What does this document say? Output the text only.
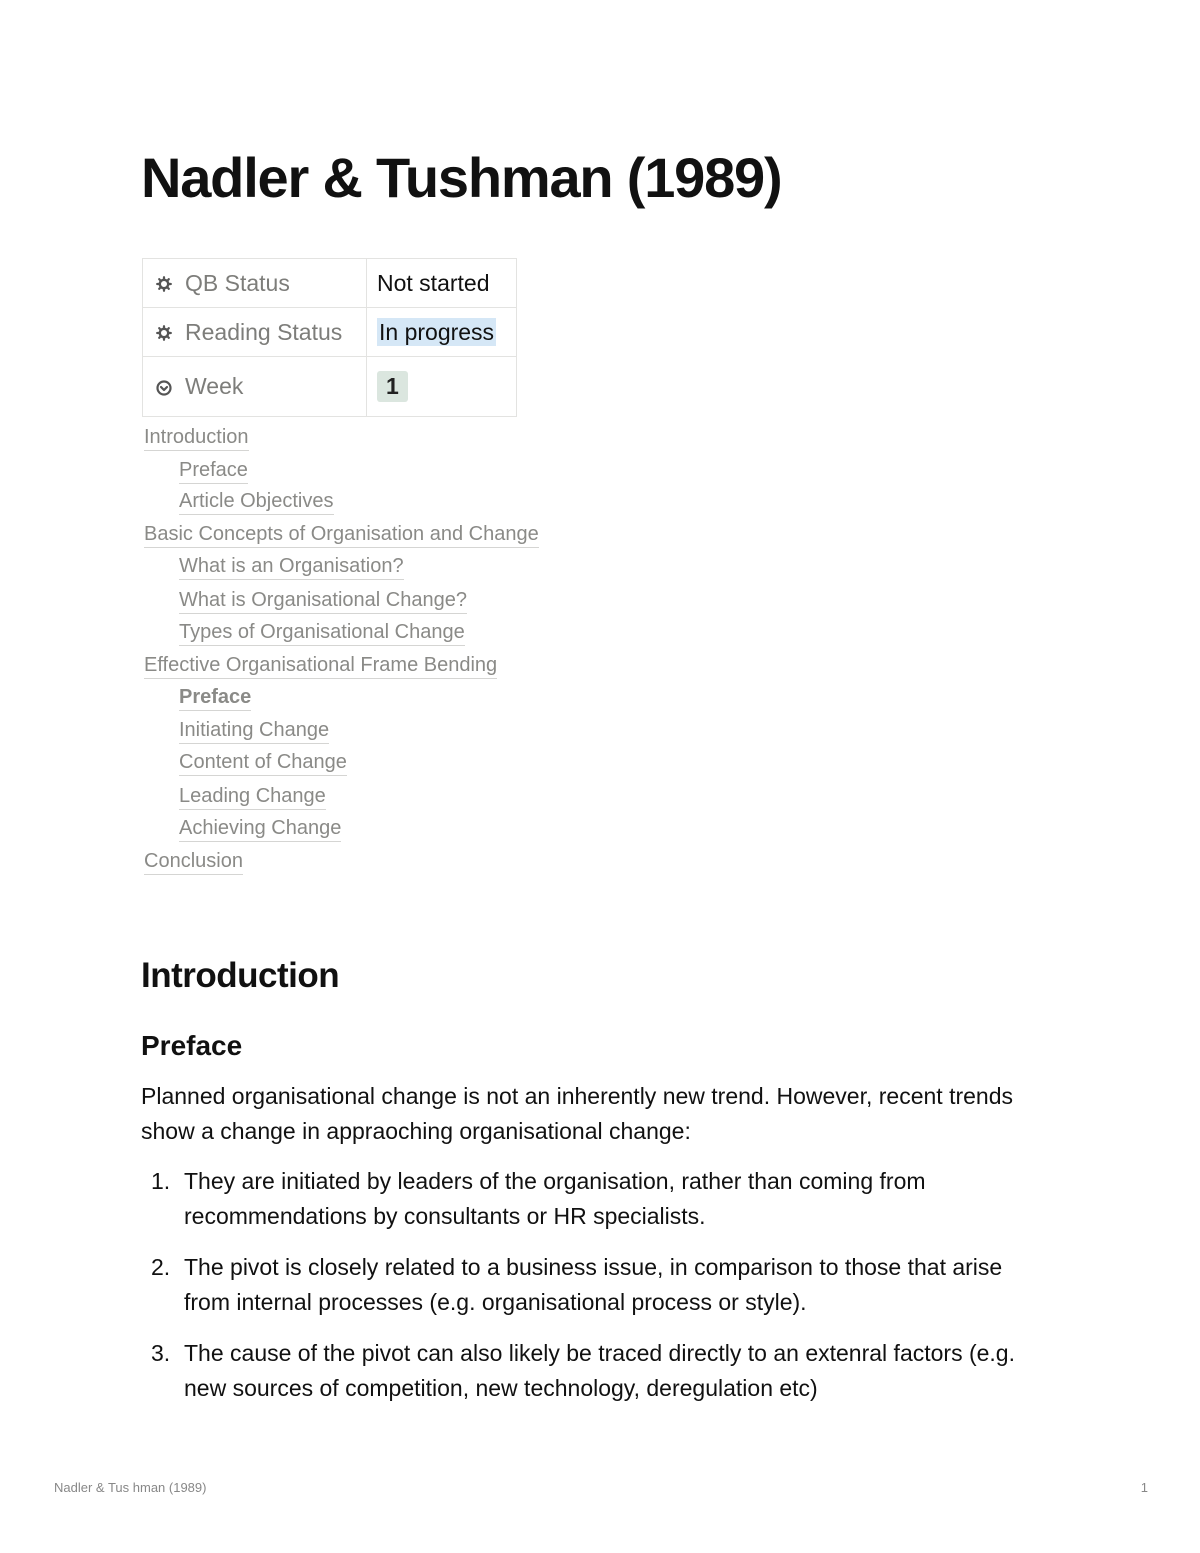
Nadler & Tushman (1989)
QB Status	Not started

Reading Status	In progress

Week	1
Introduction
Preface
Article Objectives
Basic Concepts of Organisation and Change
What is an Organisation?
What is Organisational Change?
Types of Organisational Change
Effective Organisational Frame Bending
Preface
Initiating Change
Content of Change
Leading Change
Achieving Change
Conclusion
Introduction
Preface

Planned organisational change is not an inherently new trend. However, recent trends show a change in appraoching organisational change:

1. They are initiated by leaders of the organisation, rather than coming from recommendations by consultants or HR specialists.
2. The pivot is closely related to a business issue, in comparison to those that arise from internal processes (e.g. organisational process or style).
3. The cause of the pivot can also likely be traced directly to an extenral factors (e.g. new sources of competition, new technology, deregulation etc)
Nadler & Tus hman (1989)	1
